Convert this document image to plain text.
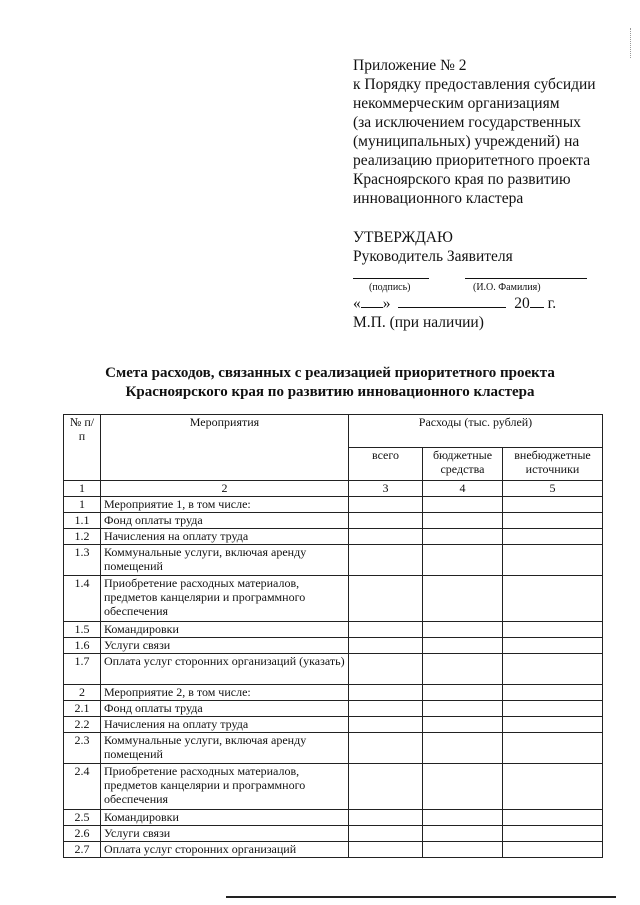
Приложение № 2
к Порядку предоставления субсидии
некоммерческим организациям
(за исключением государственных
(муниципальных) учреждений) на
реализацию приоритетного проекта
Красноярского края по развитию
инновационного кластера
УТВЕРЖДАЮ
Руководитель Заявителя
(подпись)	(И.О. Фамилия)
« »	20 г.
М.П. (при наличии)
Смета расходов, связанных с реализацией приоритетного проекта
Красноярского края по развитию инновационного кластера
№ п/п	Мероприятия	Расходы (тыс. рублей)		
		всего	бюджетные средства	внебюджетные источники
1	2	3	4	5
1	Мероприятие 1, в том числе:			
1.1	Фонд оплаты труда			
1.2	Начисления на оплату труда			
1.3	Коммунальные услуги, включая аренду помещений			
1.4	Приобретение расходных материалов, предметов канцелярии и программного обеспечения			
1.5	Командировки			
1.6	Услуги связи			
1.7	Оплата услуг сторонних организаций (указать)			
2	Мероприятие 2, в том числе:			
2.1	Фонд оплаты труда			
2.2	Начисления на оплату труда			
2.3	Коммунальные услуги, включая аренду помещений			
2.4	Приобретение расходных материалов, предметов канцелярии и программного обеспечения			
2.5	Командировки			
2.6	Услуги связи			
2.7	Оплата услуг сторонних организаций			
